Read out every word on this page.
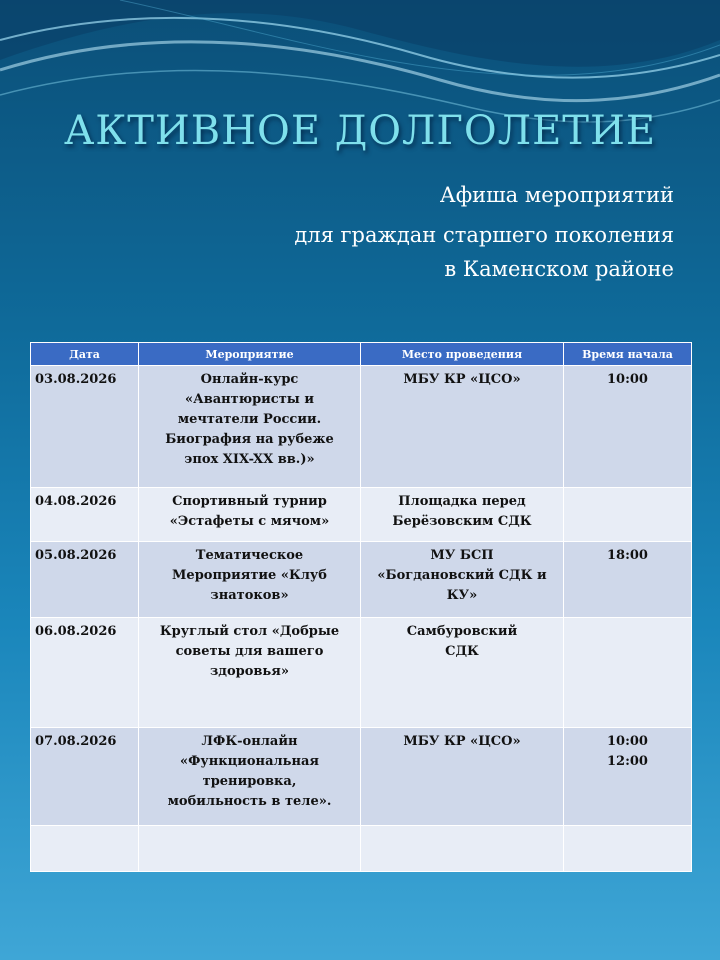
АКТИВНОЕ ДОЛГОЛЕТИЕ
Афиша мероприятий
для граждан старшего поколения
в Каменском районе
Дата	Мероприятие	Место проведения	Время начала
03.08.2026	Онлайн-курс
«Авантюристы и
мечтатели России.
Биография на рубеже
эпох XIX-XX вв.)»	МБУ КР «ЦСО»	10:00

04.08.2026	Спортивный турнир
«Эстафеты с мячом»	Площадка перед
Берёзовским СДК	

05.08.2026	Тематическое
Мероприятие «Клуб
знатоков»	МУ БСП
«Богдановский СДК и
КУ»	18:00

06.08.2026	Круглый стол «Добрые
советы для вашего
здоровья»	Самбуровский
СДК	

07.08.2026	ЛФК-онлайн
«Функциональная
тренировка,
мобильность в теле».	МБУ КР «ЦСО»	10:00
12:00
